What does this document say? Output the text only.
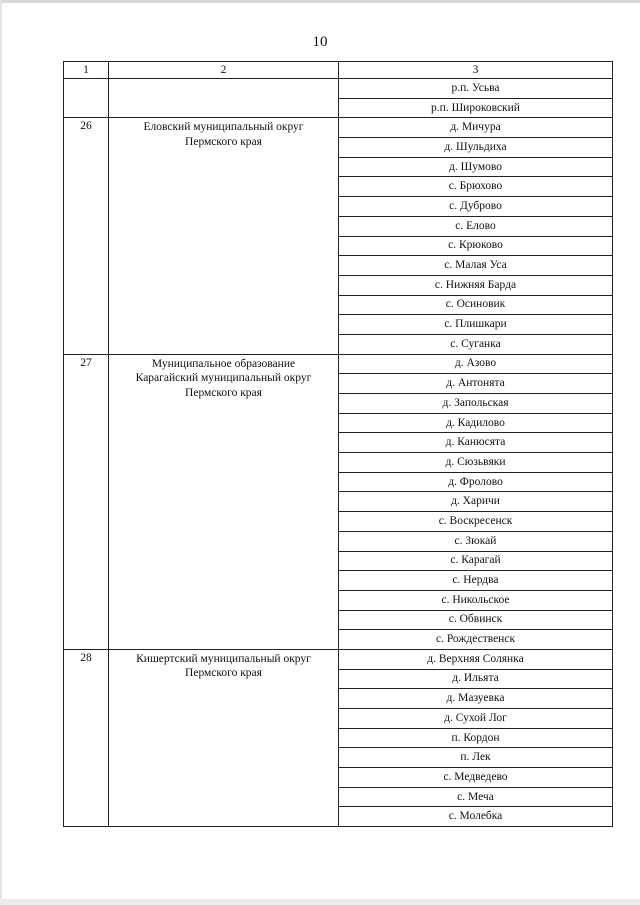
10
1	2	3
		р.п. Усьва
		р.п. Широковский
26	Еловский муниципальный округ
Пермского края	д. Мичура
		д. Шульдиха
		д. Шумово
		с. Брюхово
		с. Дуброво
		с. Елово
		с. Крюково
		с. Малая Уса
		с. Нижняя Барда
		с. Осиновик
		с. Плишкари
		с. Суганка
27	Муниципальное образование
Карагайский муниципальный округ
Пермского края	д. Азово
		д. Антонята
		д. Запольская
		д. Кадилово
		д. Канюсята
		д. Сюзьвяки
		д. Фролово
		д. Харичи
		с. Воскресенск
		с. Зюкай
		с. Карагай
		с. Нердва
		с. Никольское
		с. Обвинск
		с. Рождественск
28	Кишертский муниципальный округ
Пермского края	д. Верхняя Солянка
		д. Ильята
		д. Мазуевка
		д. Сухой Лог
		п. Кордон
		п. Лек
		с. Медведево
		с. Меча
		с. Молебка
